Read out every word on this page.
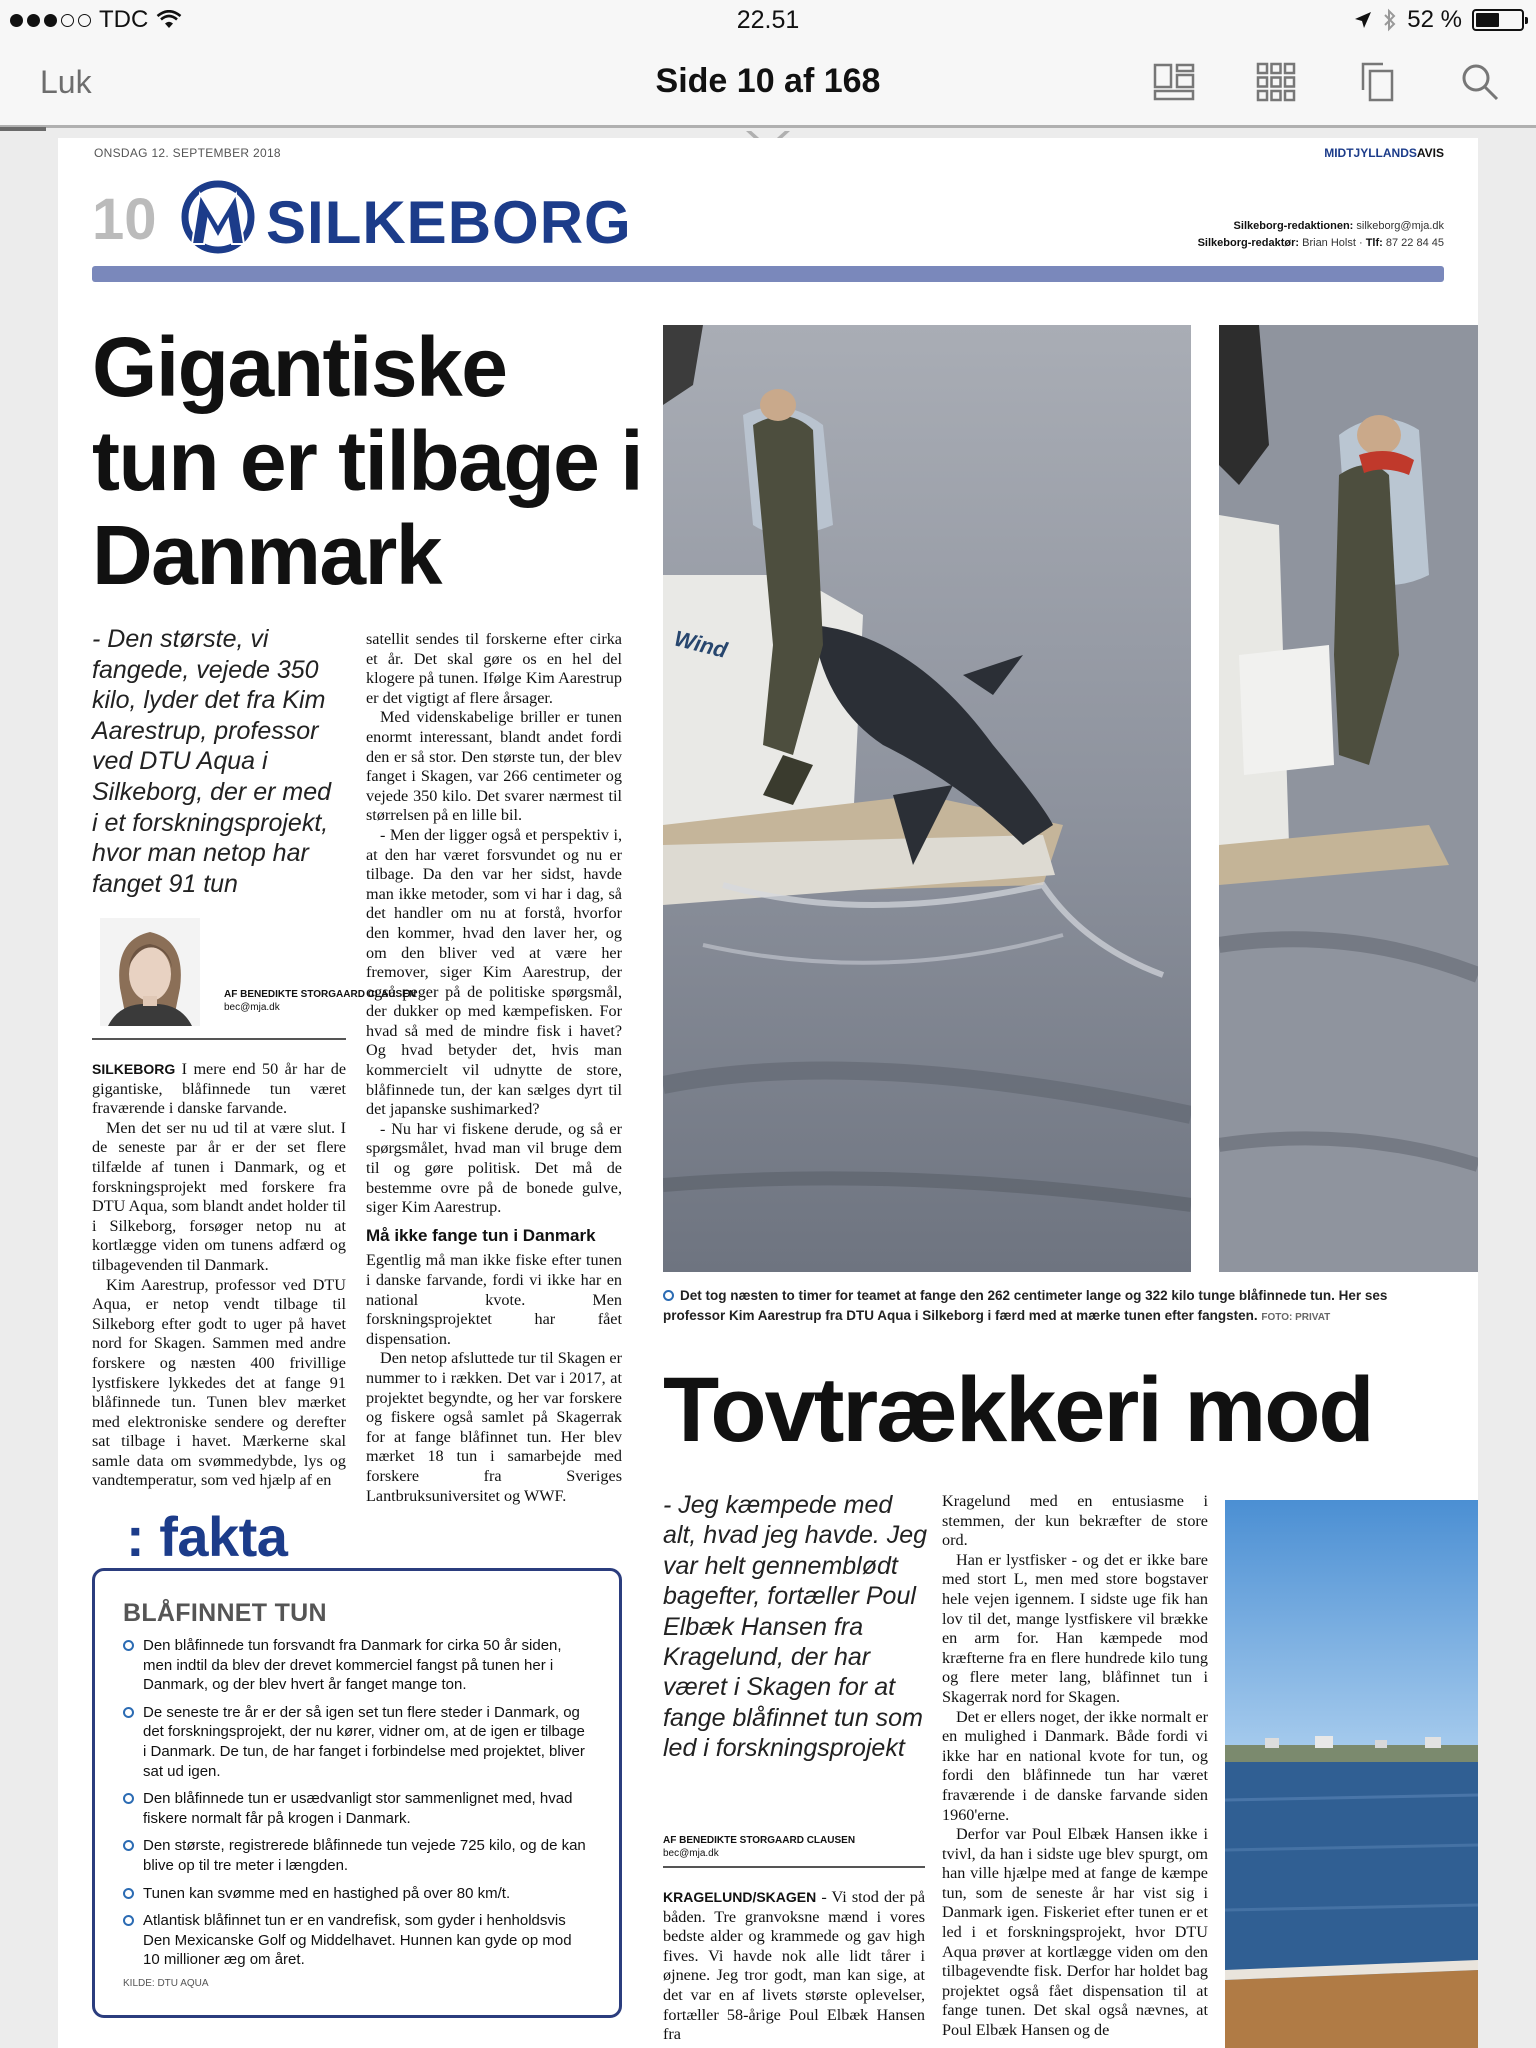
TDC	22.51	52 %
Luk	Side 10 af 168
ONSDAG 12. SEPTEMBER 2018	MIDTJYLLANDSAVIS
10 SILKEBORG	Silkeborg-redaktionen: silkeborg@mja.dk
Silkeborg-redaktør: Brian Holst · Tlf: 87 22 84 45
Gigantiske tun er tilbage i Danmark
- Den største, vi fangede, vejede 350 kilo, lyder det fra Kim Aarestrup, professor ved DTU Aqua i Silkeborg, der er med i et forskningsprojekt, hvor man netop har fanget 91 tun
AF BENEDIKTE STORGAARD CLAUSEN
bec@mja.dk

SILKEBORG I mere end 50 år har de gigantiske, blåfinnede tun været fraværende i danske farvande.

Men det ser nu ud til at være slut. I de seneste par år er der set flere tilfælde af tunen i Danmark, og et forskningsprojekt med forskere fra DTU Aqua, som blandt andet holder til i Silkeborg, forsøger netop nu at kortlægge viden om tunens adfærd og tilbagevenden til Danmark.

Kim Aarestrup, professor ved DTU Aqua, er netop vendt tilbage til Silkeborg efter godt to uger på havet nord for Skagen. Sammen med andre forskere og næsten 400 frivillige lystfiskere lykkedes det at fange 91 blåfinnede tun. Tunen blev mærket med elektroniske sendere og derefter sat tilbage i havet. Mærkerne skal samle data om svømmedybde, lys og vandtemperatur, som ved hjælp af en

satellit sendes til forskerne efter cirka et år. Det skal gøre os en hel del klogere på tunen. Ifølge Kim Aarestrup er det vigtigt af flere årsager.

Med videnskabelige briller er tunen enormt interessant, blandt andet fordi den er så stor. Den største tun, der blev fanget i Skagen, var 266 centimeter og vejede 350 kilo. Det svarer nærmest til størrelsen på en lille bil.

- Men der ligger også et perspektiv i, at den har været forsvundet og nu er tilbage. Da den var her sidst, havde man ikke metoder, som vi har i dag, så det handler om nu at forstå, hvorfor den kommer, hvad den laver her, og om den bliver ved at være her fremover, siger Kim Aarestrup, der også peger på de politiske spørgsmål, der dukker op med kæmpefisken. For hvad så med de mindre fisk i havet? Og hvad betyder det, hvis man kommercielt vil udnytte de store, blåfinnede tun, der kan sælges dyrt til det japanske sushimarked?

- Nu har vi fiskene derude, og så er spørgsmålet, hvad man vil bruge dem til og gøre politisk. Det må de bestemme ovre på de bonede gulve, siger Kim Aarestrup.

Må ikke fange tun i Danmark

Egentlig må man ikke fiske efter tunen i danske farvande, fordi vi ikke har en national kvote. Men forskningsprojektet har fået dispensation.

Den netop afsluttede tur til Skagen er nummer to i rækken. Det var i 2017, at projektet begyndte, og her var forskere og fiskere også samlet på Skagerrak for at fange blåfinnet tun. Her blev mærket 18 tun i samarbejde med forskere fra Sveriges Lantbruksuniversitet og WWF.

Wind
Det tog næsten to timer for teamet at fange den 262 centimeter lange og 322 kilo tunge blåfinnede tun. Her ses professor Kim Aarestrup fra DTU Aqua i Silkeborg i færd med at mærke tunen efter fangsten. FOTO: PRIVAT
: fakta
BLÅFINNET TUN
Den blåfinnede tun forsvandt fra Danmark for cirka 50 år siden, men indtil da blev der drevet kommerciel fangst på tunen her i Danmark, og der blev hvert år fanget mange ton.
De seneste tre år er der så igen set tun flere steder i Danmark, og det forskningsprojekt, der nu kører, vidner om, at de igen er tilbage i Danmark. De tun, de har fanget i forbindelse med projektet, bliver sat ud igen.
Den blåfinnede tun er usædvanligt stor sammenlignet med, hvad fiskere normalt får på krogen i Danmark.
Den største, registrerede blåfinnede tun vejede 725 kilo, og de kan blive op til tre meter i længden.
Tunen kan svømme med en hastighed på over 80 km/t.
Atlantisk blåfinnet tun er en vandrefisk, som gyder i henholdsvis Den Mexicanske Golf og Middelhavet. Hunnen kan gyde op mod 10 millioner æg om året.
KILDE: DTU AQUA
Tovtrækkeri mod
- Jeg kæmpede med alt, hvad jeg havde. Jeg var helt gennemblødt bagefter, fortæller Poul Elbæk Hansen fra Kragelund, der har været i Skagen for at fange blåfinnet tun som led i forskningsprojekt
AF BENEDIKTE STORGAARD CLAUSEN
bec@mja.dk

KRAGELUND/SKAGEN - Vi stod der på båden. Tre granvoksne mænd i vores bedste alder og krammede og gav high fives. Vi havde nok alle lidt tårer i øjnene. Jeg tror godt, man kan sige, at det var en af livets største oplevelser, fortæller 58-årige Poul Elbæk Hansen fra

Kragelund med en entusiasme i stemmen, der kun bekræfter de store ord.

Han er lystfisker - og det er ikke bare med stort L, men med store bogstaver hele vejen igennem. I sidste uge fik han lov til det, mange lystfiskere vil brække en arm for. Han kæmpede mod kræfterne fra en flere hundrede kilo tung og flere meter lang, blåfinnet tun i Skagerrak nord for Skagen.

Det er ellers noget, der ikke normalt er en mulighed i Danmark. Både fordi vi ikke har en national kvote for tun, og fordi den blåfinnede tun har været fraværende i de danske farvande siden 1960'erne.

Derfor var Poul Elbæk Hansen ikke i tvivl, da han i sidste uge blev spurgt, om han ville hjælpe med at fange de kæmpe tun, som de seneste år har vist sig i Danmark igen. Fiskeriet efter tunen er et led i et forskningsprojekt, hvor DTU Aqua prøver at kortlægge viden om den tilbagevendte fisk. Derfor har holdet bag projektet også fået dispensation til at fange tunen. Det skal også nævnes, at Poul Elbæk Hansen og de
